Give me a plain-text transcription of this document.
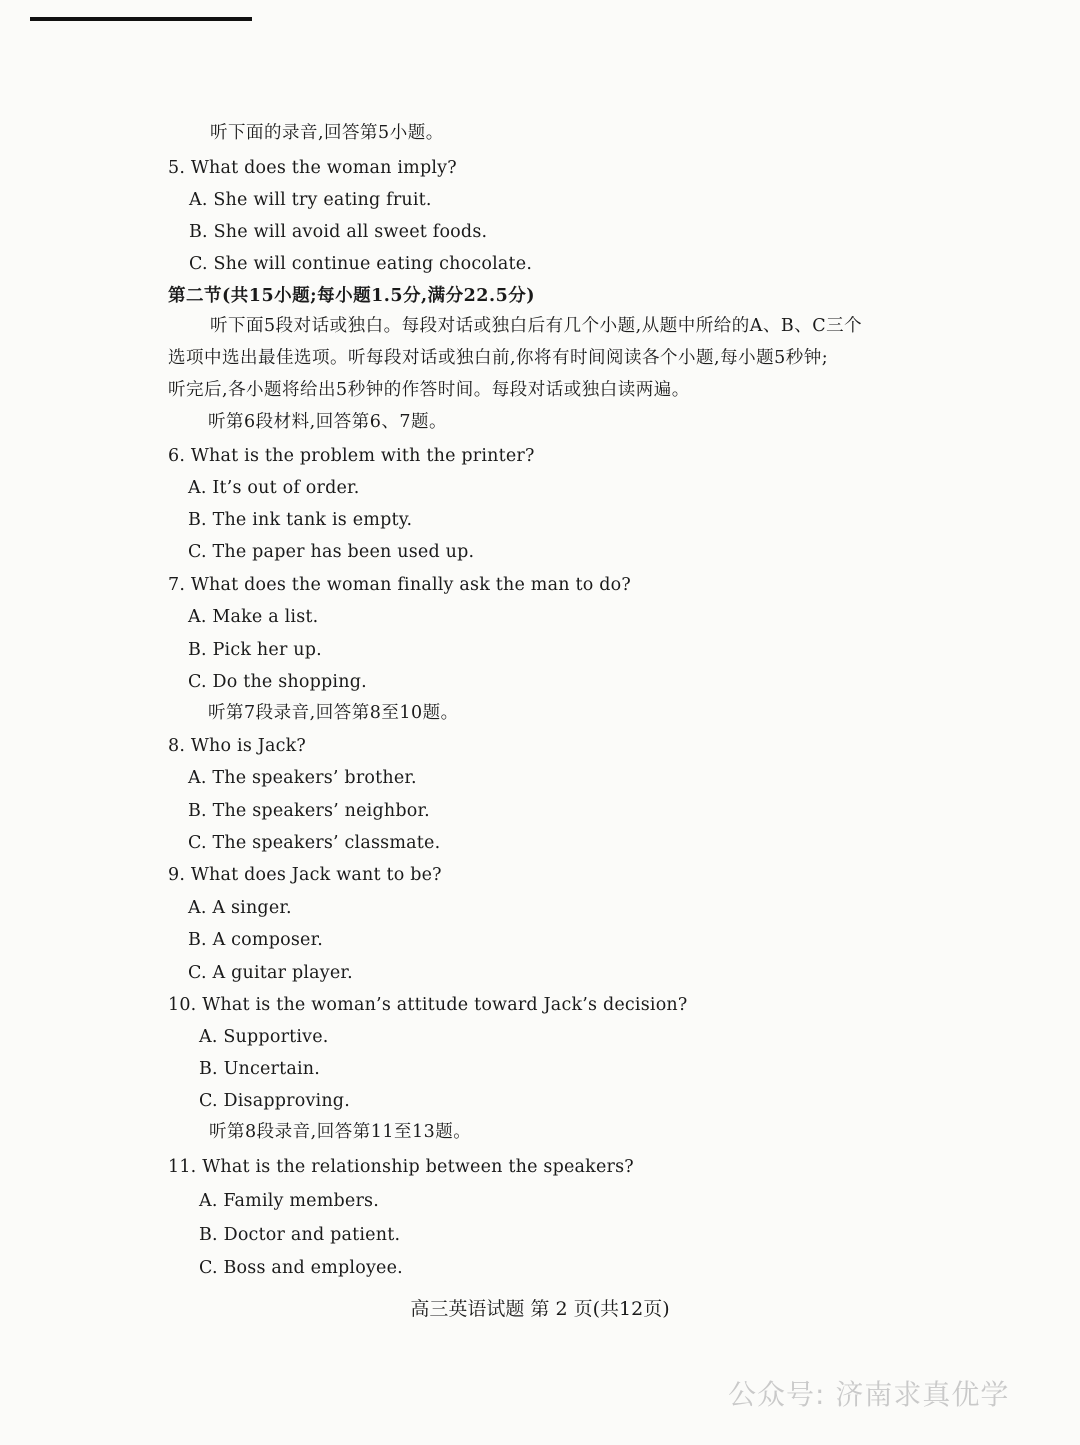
听下面的录音,回答第5小题。
5. What does the woman imply?
A. She will try eating fruit.
B. She will avoid all sweet foods.
C. She will continue eating chocolate.
第二节(共15小题;每小题1.5分,满分22.5分)
听下面5段对话或独白。每段对话或独白后有几个小题,从题中所给的A、B、C三个
选项中选出最佳选项。听每段对话或独白前,你将有时间阅读各个小题,每小题5秒钟;
听完后,各小题将给出5秒钟的作答时间。每段对话或独白读两遍。
听第6段材料,回答第6、7题。
6. What is the problem with the printer?
A. It’s out of order.
B. The ink tank is empty.
C. The paper has been used up.
7. What does the woman finally ask the man to do?
A. Make a list.
B. Pick her up.
C. Do the shopping.
听第7段录音,回答第8至10题。
8. Who is Jack?
A. The speakers’ brother.
B. The speakers’ neighbor.
C. The speakers’ classmate.
9. What does Jack want to be?
A. A singer.
B. A composer.
C. A guitar player.
10. What is the woman’s attitude toward Jack’s decision?
A. Supportive.
B. Uncertain.
C. Disapproving.
听第8段录音,回答第11至13题。
11. What is the relationship between the speakers?
A. Family members.
B. Doctor and patient.
C. Boss and employee.
高三英语试题 第 2 页(共12页)
公众号: 济南求真优学
